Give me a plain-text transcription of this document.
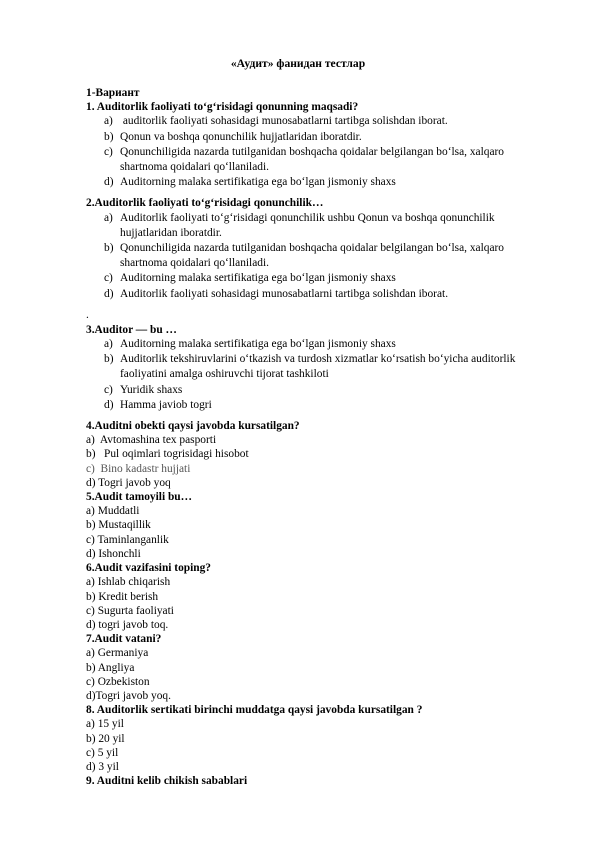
«Аудит» фанидан тестлар
1-Вариант
1. Auditorlik faoliyati to‘g‘risidagi qonunning maqsadi?
a) auditorlik faoliyati sohasidagi munosabatlarni tartibga solishdan iborat.
b) Qonun va boshqa qonunchilik hujjatlaridan iboratdir.
c) Qonunchiligida nazarda tutilganidan boshqacha qoidalar belgilangan bo‘lsa, xalqaro
shartnoma qoidalari qo‘llaniladi.
d) Auditorning malaka sertifikatiga ega bo‘lgan jismoniy shaxs
2.Auditorlik faoliyati to‘g‘risidagi qonunchilik…
a) Auditorlik faoliyati to‘g‘risidagi qonunchilik ushbu Qonun va boshqa qonunchilik
hujjatlaridan iboratdir.
b) Qonunchiligida nazarda tutilganidan boshqacha qoidalar belgilangan bo‘lsa, xalqaro
shartnoma qoidalari qo‘llaniladi.
c) Auditorning malaka sertifikatiga ega bo‘lgan jismoniy shaxs
d) Auditorlik faoliyati sohasidagi munosabatlarni tartibga solishdan iborat.
.
3.Auditor — bu …
a) Auditorning malaka sertifikatiga ega bo‘lgan jismoniy shaxs
b) Auditorlik tekshiruvlarini o‘tkazish va turdosh xizmatlar ko‘rsatish bo‘yicha auditorlik
faoliyatini amalga oshiruvchi tijorat tashkiloti
c) Yuridik shaxs
d) Hamma javiob togri
4.Auditni obekti qaysi javobda kursatilgan?
a)  Avtomashina tex pasporti
b)   Pul oqimlari togrisidagi hisobot
c)  Bino kadastr hujjati
d) Togri javob yoq
5.Audit tamoyili bu…
a) Muddatli
b) Mustaqillik
c) Taminlanganlik
d) Ishonchli
6.Audit vazifasini toping?
a) Ishlab chiqarish
b) Kredit berish
c) Sugurta faoliyati
d) togri javob toq.
7.Audit vatani?
a) Germaniya
b) Angliya
c) Ozbekiston
d)Togri javob yoq.
8. Auditorlik sertikati birinchi muddatga qaysi javobda kursatilgan ?
a) 15 yil
b) 20 yil
c) 5 yil
d) 3 yil
9. Auditni kelib chikish sabablari
